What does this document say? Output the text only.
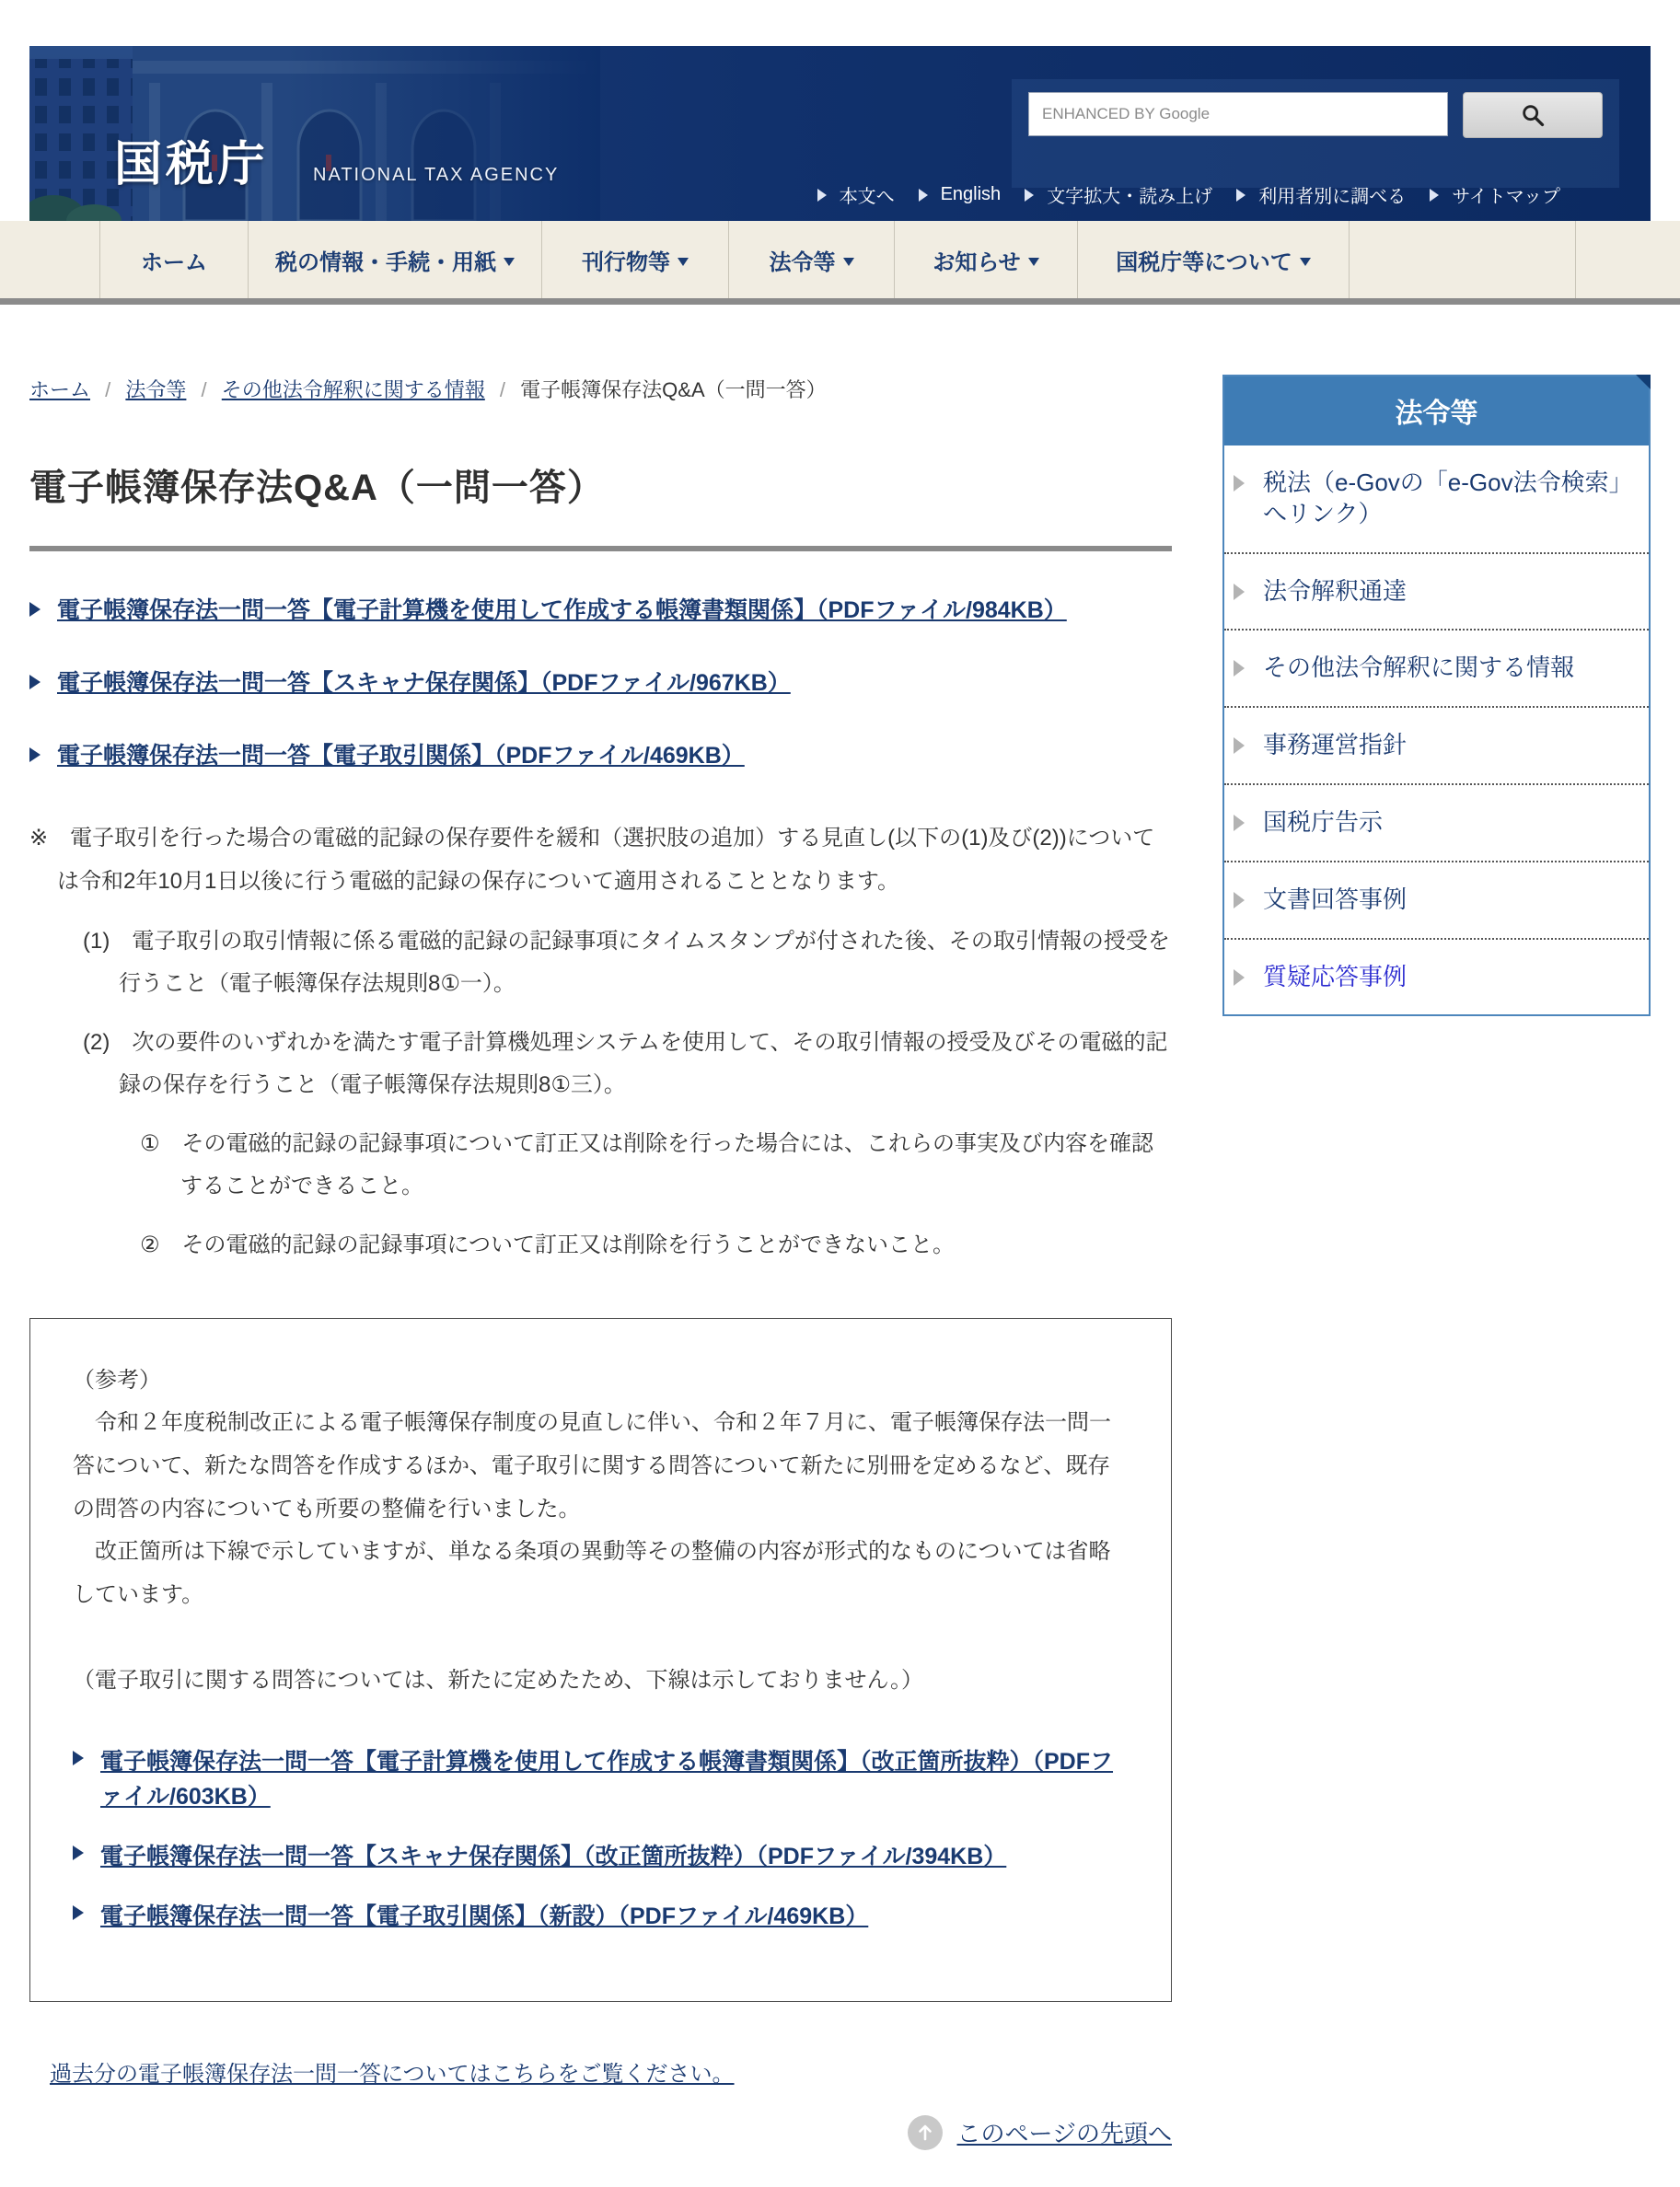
国税庁 NATIONAL TAX AGENCY
ENHANCED BY Google
本文へ	English	文字拡大・読み上げ	利用者別に調べる	サイトマップ
ホーム	税の情報・手続・用紙	刊行物等	法令等	お知らせ	国税庁等について
ホーム / 法令等 / その他法令解釈に関する情報 / 電子帳簿保存法Q&A（一問一答）
電子帳簿保存法Q&A（一問一答）
電子帳簿保存法一問一答【電子計算機を使用して作成する帳簿書類関係】（PDFファイル/984KB）
電子帳簿保存法一問一答【スキャナ保存関係】（PDFファイル/967KB）
電子帳簿保存法一問一答【電子取引関係】（PDFファイル/469KB）

※　 電子取引を行った場合の電磁的記録の保存要件を緩和（選択肢の追加）する見直し(以下の(1)及び(2))については令和2年10月1日以後に行う電磁的記録の保存について適用されることとなります。

(1)　 電子取引の取引情報に係る電磁的記録の記録事項にタイムスタンプが付された後、その取引情報の授受を行うこと（電子帳簿保存法規則8①一）。

(2)　 次の要件のいずれかを満たす電子計算機処理システムを使用して、その取引情報の授受及びその電磁的記録の保存を行うこと（電子帳簿保存法規則8①三）。

①　 その電磁的記録の記録事項について訂正又は削除を行った場合には、これらの事実及び内容を確認することができること。

②　 その電磁的記録の記録事項について訂正又は削除を行うことができないこと。

（参考）

　令和２年度税制改正による電子帳簿保存制度の見直しに伴い、令和２年７月に、電子帳簿保存法一問一答について、新たな問答を作成するほか、電子取引に関する問答について新たに別冊を定めるなど、既存の問答の内容についても所要の整備を行いました。

　改正箇所は下線で示していますが、単なる条項の異動等その整備の内容が形式的なものについては省略しています。

（電子取引に関する問答については、新たに定めたため、下線は示しておりません。）

電子帳簿保存法一問一答【電子計算機を使用して作成する帳簿書類関係】（改正箇所抜粋）（PDFファイル/603KB）
電子帳簿保存法一問一答【スキャナ保存関係】（改正箇所抜粋）（PDFファイル/394KB）
電子帳簿保存法一問一答【電子取引関係】（新設）（PDFファイル/469KB）
過去分の電子帳簿保存法一問一答についてはこちらをご覧ください。
このページの先頭へ
法令等
税法（e-Govの「e-Gov法令検索」へリンク）
法令解釈通達
その他法令解釈に関する情報
事務運営指針
国税庁告示
文書回答事例
質疑応答事例
